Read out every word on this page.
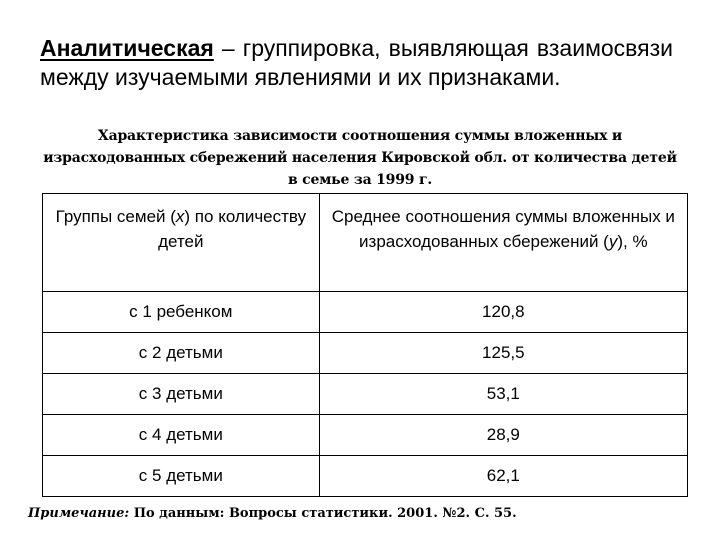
Аналитическая – группировка, выявляющая взаимосвязи между изучаемыми явлениями и их признаками.
Характеристика зависимости соотношения суммы вложенных и
израсходованных сбережений населения Кировской обл. от количества детей
в семье за 1999 г.
Группы семей (x) по количеству детей	Среднее соотношения суммы вложенных и израсходованных сбережений (y), %
с 1 ребенком	120,8
с 2 детьми	125,5
с 3 детьми	53,1
с 4 детьми	28,9
с 5 детьми	62,1
Примечание: По данным: Вопросы статистики. 2001. №2. С. 55.
